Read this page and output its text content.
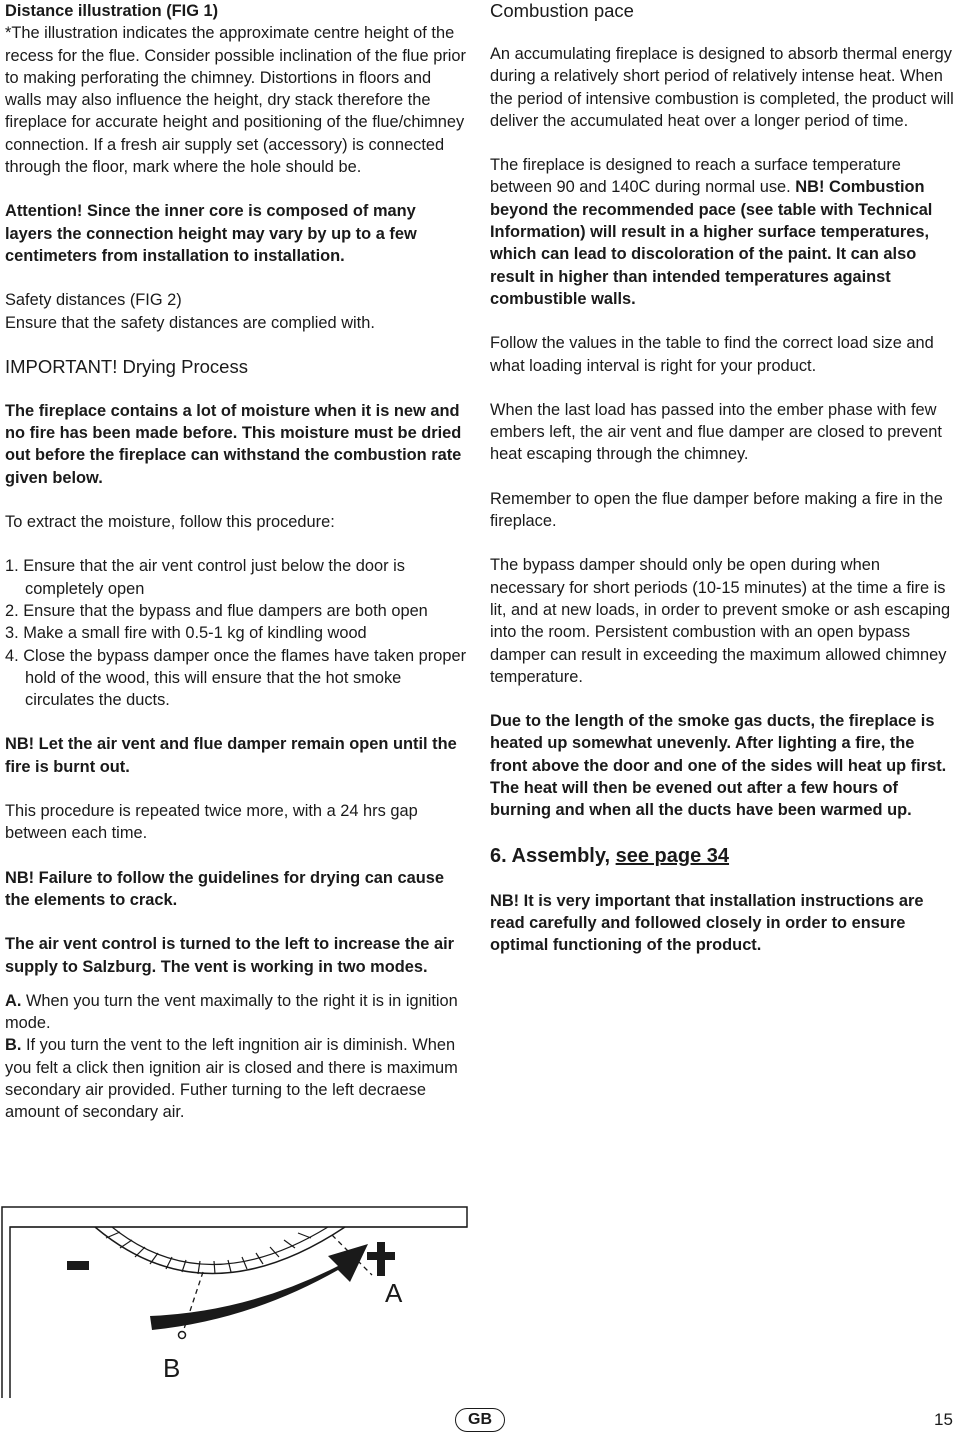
Distance illustration (FIG 1)
*The illustration indicates the approximate centre height of the recess for the flue. Consider possible inclination of the flue prior to making perforating the chimney. Distortions in floors and walls may also influence the height, dry stack therefore the fireplace for accurate height and positioning of the flue/chimney connection. If a fresh air supply set (accessory) is connected through the floor, mark where the hole should be.

Attention! Since the inner core is composed of many layers the connection height may vary by up to a few centimeters from installation to installation.

Safety distances (FIG 2)
Ensure that the safety distances are complied with.

IMPORTANT! Drying Process

The fireplace contains a lot of moisture when it is new and no fire has been made before. This moisture must be dried out before the fireplace can withstand the combustion rate given below.

To extract the moisture, follow this procedure:

1. Ensure that the air vent control just below the door is completely open
2. Ensure that the bypass and flue dampers are both open
3. Make a small fire with 0.5-1 kg of kindling wood
4. Close the bypass damper once the flames have taken proper hold of the wood, this will ensure that the hot smoke circulates the ducts.

NB! Let the air vent and flue damper remain open until the fire is burnt out.

This procedure is repeated twice more, with a 24 hrs gap between each time.

NB! Failure to follow the guidelines for drying can cause the elements to crack.

The air vent control is turned to the left to increase the air supply to Salzburg. The vent is working in two modes.

A. When you turn the vent maximally to the right it is in ignition mode.
B. If you turn the vent to the left ingnition air is diminish. When you felt a click then ignition air is closed and there is maximum secondary air provided. Futher turning to the left decraese amount of secondary air.

Combustion pace

An accumulating fireplace is designed to absorb thermal energy during a relatively short period of relatively intense heat. When the period of intensive combustion is completed, the product will deliver the accumulated heat over a longer period of time.

The fireplace is designed to reach a surface temperature between 90 and 140C during normal use. NB! Combustion beyond the recommended pace (see table with Technical Information) will result in a higher surface temperatures, which can lead to discoloration of the paint. It can also result in higher than intended temperatures against combustible walls.

Follow the values in the table to find the correct load size and what loading interval is right for your product.

When the last load has passed into the ember phase with few embers left, the air vent and flue damper are closed to prevent heat escaping through the chimney.

Remember to open the flue damper before making a fire in the fireplace.

The bypass damper should only be open during when necessary for short periods (10-15 minutes) at the time a fire is lit, and at new loads, in order to prevent smoke or ash escaping into the room. Persistent combustion with an open bypass damper can result in exceeding the maximum allowed chimney temperature.

Due to the length of the smoke gas ducts, the fireplace is heated up somewhat unevenly. After lighting a fire, the front above the door and one of the sides will heat up first. The heat will then be evened out after a few hours of burning and when all the ducts have been warmed up.

6. Assembly, see page 34

NB! It is very important that installation instructions are read carefully and followed closely in order to ensure optimal functioning of the product.

A
B
GB	15
